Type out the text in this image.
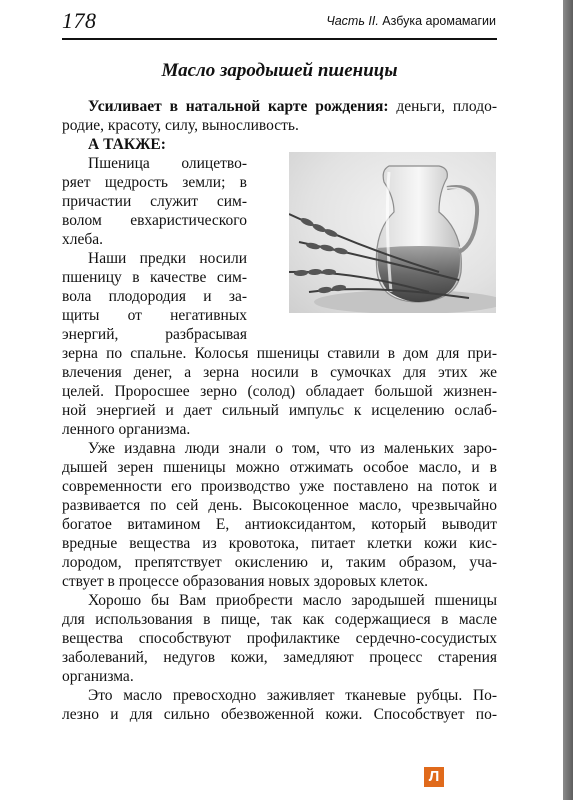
178	Часть II. Азбука аромамагии
Масло зародышей пшеницы
Усиливает в натальной карте рождения: деньги, плодо-
родие, красоту, силу, выносливость.
А ТАКЖЕ:
Пшеница олицетво-
ряет щедрость земли; в
причастии служит сим-
волом евхаристического
хлеба.
Наши предки носили
пшеницу в качестве сим-
вола плодородия и за-
щиты от негативных
энергий, разбрасывая
зерна по спальне. Колосья пшеницы ставили в дом для при-
влечения денег, а зерна носили в сумочках для этих же
целей. Проросшее зерно (солод) обладает большой жизнен-
ной энергией и дает сильный импульс к исцелению ослаб-
ленного организма.
Уже издавна люди знали о том, что из маленьких заро-
дышей зерен пшеницы можно отжимать особое масло, и в
современности его производство уже поставлено на поток и
развивается по сей день. Высокоценное масло, чрезвычайно
богатое витамином Е, антиоксидантом, который выводит
вредные вещества из кровотока, питает клетки кожи кис-
лородом, препятствует окислению и, таким образом, уча-
ствует в процессе образования новых здоровых клеток.
Хорошо бы Вам приобрести масло зародышей пшеницы
для использования в пище, так как содержащиеся в масле
вещества способствуют профилактике сердечно-сосудистых
заболеваний, недугов кожи, замедляют процесс старения
организма.
Это масло превосходно заживляет тканевые рубцы. По-
лезно и для сильно обезвоженной кожи. Способствует по-
Л
